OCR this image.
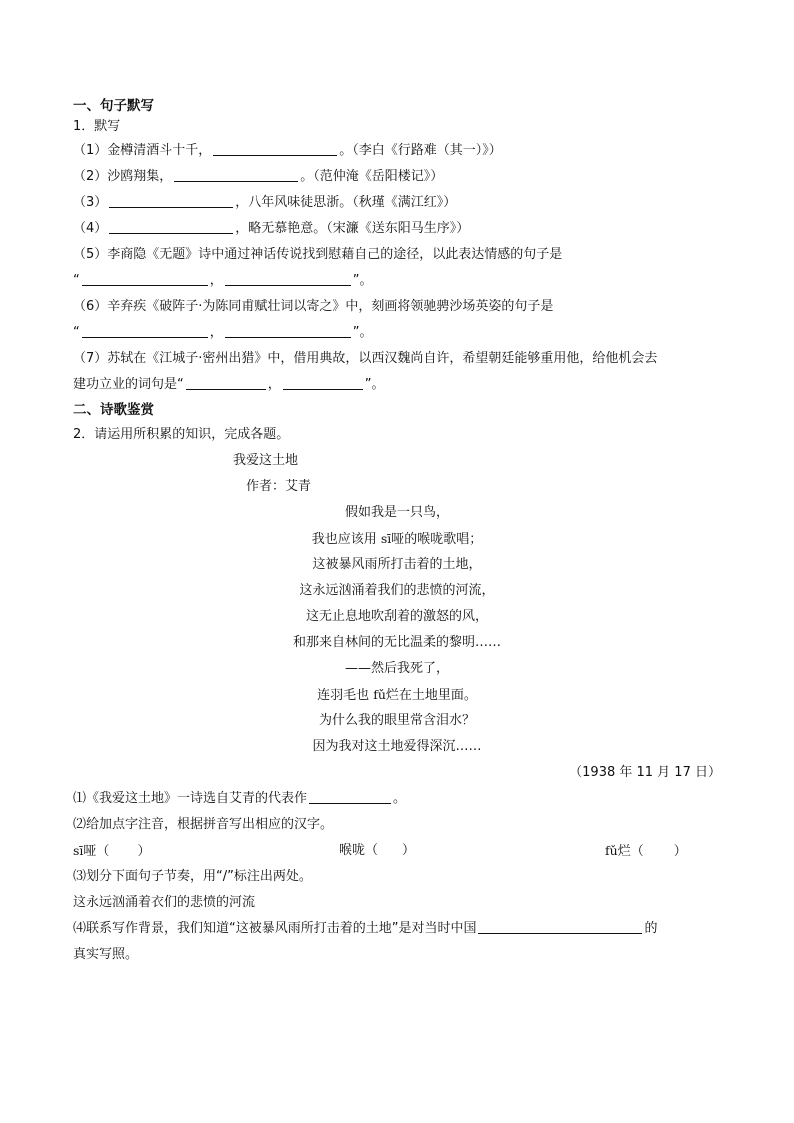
一、句子默写
1．默写
（1）金樽清酒斗十千，	。（李白《行路难（其一）》）
（2）沙鸥翔集，	。（范仲淹《岳阳楼记》）
（3）	，八年风味徒思浙。（秋瑾《满江红》）
（4）	，略无慕艳意。（宋濂《送东阳马生序》）
（5）李商隐《无题》诗中通过神话传说找到慰藉自己的途径，以此表达情感的句子是
“	，	”。
（6）辛弃疾《破阵子·为陈同甫赋壮词以寄之》中，刻画将领驰骋沙场英姿的句子是
“	，	”。
（7）苏轼在《江城子·密州出猎》中，借用典故，以西汉魏尚自许，希望朝廷能够重用他，给他机会去
建功立业的词句是“	，	”。
二、诗歌鉴赏
2．请运用所积累的知识，完成各题。
我爱这土地
作者：艾青
假如我是一只鸟，
我也应该用 sī哑的喉咙歌唱；
这被暴风雨所打击着的土地，
这永远汹涌着我们的悲愤的河流，
这无止息地吹刮着的激怒的风，
和那来自林间的无比温柔的黎明……
——然后我死了，
连羽毛也 fǔ烂在土地里面。
为什么我的眼里常含泪水？
因为我对这土地爱得深沉……
（1938 年 11 月 17 日）
⑴《我爱这土地》一诗选自艾青的代表作	。
⑵给加点字注音，根据拼音写出相应的汉字。
sī哑（ ）	喉咙（ ）	fǔ烂（ ）
⑶划分下面句子节奏，用“/”标注出两处。
这永远汹涌着衣们的悲愤的河流
⑷联系写作背景，我们知道“这被暴风雨所打击着的土地”是对当时中国	的
真实写照。
